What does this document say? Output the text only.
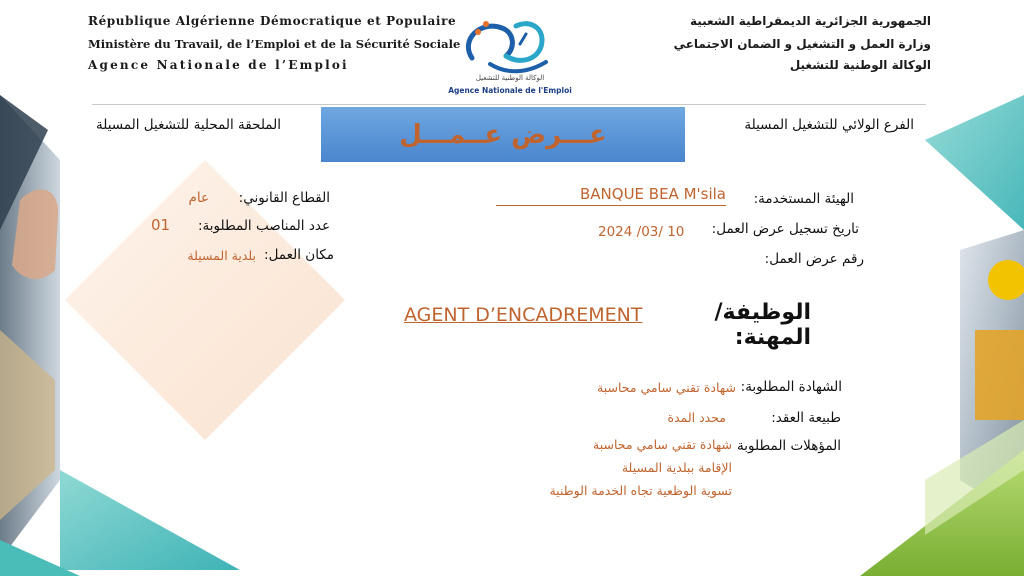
République Algérienne Démocratique et Populaire
Ministère du Travail, de l’Emploi et de la Sécurité Sociale
Agence Nationale de l’Emploi
الجمهورية الجزائرية الديمقراطية الشعبية
وزارة العمل و التشغيل و الضمان الاجتماعي
الوكالة الوطنية للتشغيل
الوكالة الوطنية للتشغيل
Agence Nationale de l'Emploi
عـــرض عــمـــل	الفرع الولائي للتشغيل المسيلة
الملحقة المحلية للتشغيل المسيلة
الهيئة المستخدمة:
BANQUE BEA M'sila
تاريخ تسجيل عرض العمل:
2024 /03/ 10
رقم عرض العمل:
القطاع القانوني:
عام
عدد المناصب المطلوبة:
01
مكان العمل:
بلدية المسيلة
الوظيفة/المهنة:
AGENT D’ENCADREMENT
الشهادة المطلوبة:
شهادة تقني سامي محاسبة
طبيعة العقد:
محدد المدة
المؤهلات المطلوبة
شهادة تقني سامي محاسبة
الإقامة ببلدية المسيلة
تسوية الوظعية تجاه الخدمة الوطنية
